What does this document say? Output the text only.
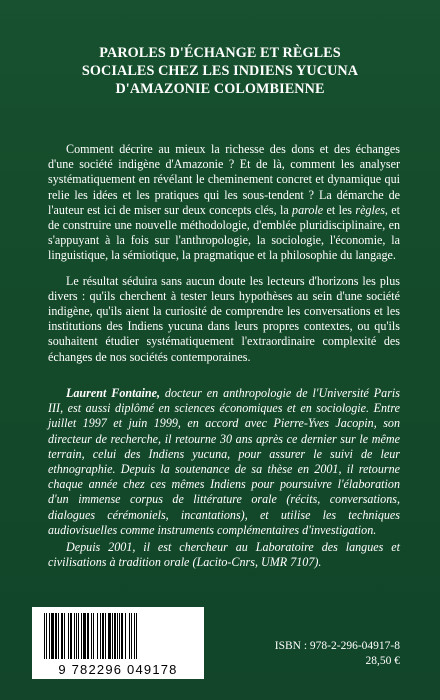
PAROLES D'ÉCHANGE ET RÈGLES
SOCIALES CHEZ LES INDIENS YUCUNA
D'AMAZONIE COLOMBIENNE

Comment décrire au mieux la richesse des dons et des échanges d'une société indigène d'Amazonie ? Et de là, comment les analyser systématiquement en révélant le cheminement concret et dynamique qui relie les idées et les pratiques qui les sous-tendent ? La démarche de l'auteur est ici de miser sur deux concepts clés, la parole et les règles, et de construire une nouvelle méthodologie, d'emblée pluridisciplinaire, en s'appuyant à la fois sur l'anthropologie, la sociologie, l'économie, la linguistique, la sémiotique, la pragmatique et la philosophie du langage.

Le résultat séduira sans aucun doute les lecteurs d'horizons les plus divers : qu'ils cherchent à tester leurs hypothèses au sein d'une société indigène, qu'ils aient la curiosité de comprendre les conversations et les institutions des Indiens yucuna dans leurs propres contextes, ou qu'ils souhaitent étudier systématiquement l'extraordinaire complexité des échanges de nos sociétés contemporaines.

Laurent Fontaine, docteur en anthropologie de l'Université Paris III, est aussi diplômé en sciences économiques et en sociologie. Entre juillet 1997 et juin 1999, en accord avec Pierre-Yves Jacopin, son directeur de recherche, il retourne 30 ans après ce dernier sur le même terrain, celui des Indiens yucuna, pour assurer le suivi de leur ethnographie. Depuis la soutenance de sa thèse en 2001, il retourne chaque année chez ces mêmes Indiens pour poursuivre l'élaboration d'un immense corpus de littérature orale (récits, conversations, dialogues cérémoniels, incantations), et utilise les techniques audiovisuelles comme instruments complémentaires d'investigation.

Depuis 2001, il est chercheur au Laboratoire des langues et civilisations à tradition orale (Lacito-Cnrs, UMR 7107).

9 782296 049178
ISBN : 978-2-296-04917-8
28,50 €
